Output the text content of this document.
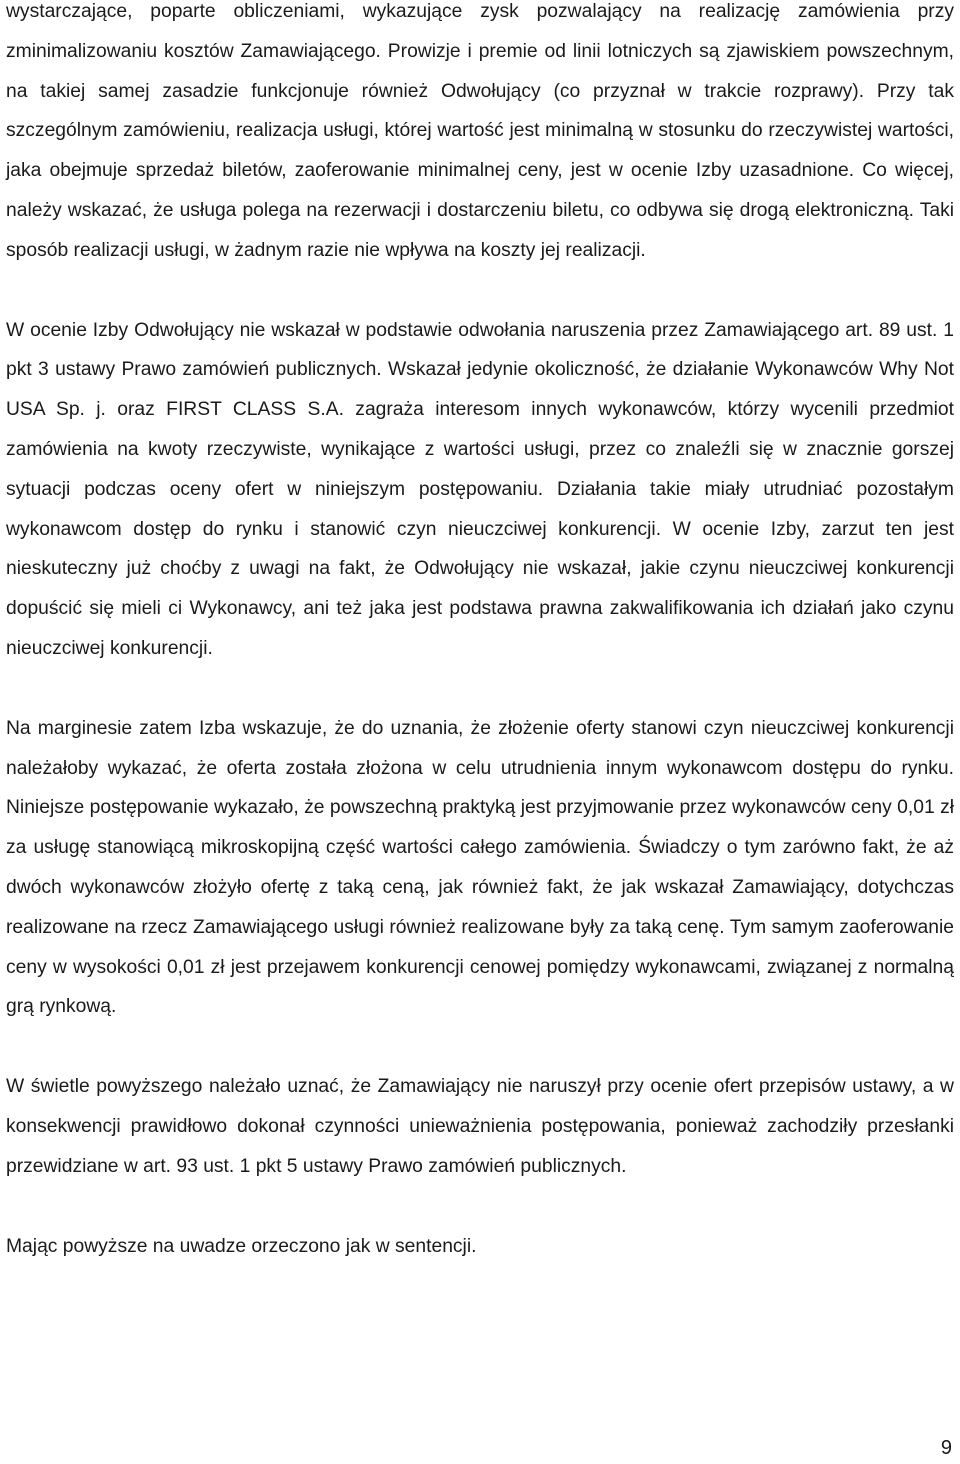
wystarczające, poparte obliczeniami, wykazujące zysk pozwalający na realizację zamówienia przy zminimalizowaniu kosztów Zamawiającego. Prowizje i premie od linii lotniczych są zjawiskiem powszechnym, na takiej samej zasadzie funkcjonuje również Odwołujący (co przyznał w trakcie rozprawy). Przy tak szczególnym zamówieniu, realizacja usługi, której wartość jest minimalną w stosunku do rzeczywistej wartości, jaka obejmuje sprzedaż biletów, zaoferowanie minimalnej ceny, jest w ocenie Izby uzasadnione. Co więcej, należy wskazać, że usługa polega na rezerwacji i dostarczeniu biletu, co odbywa się drogą elektroniczną. Taki sposób realizacji usługi, w żadnym razie nie wpływa na koszty jej realizacji.

W ocenie Izby Odwołujący nie wskazał w podstawie odwołania naruszenia przez Zamawiającego art. 89 ust. 1 pkt 3 ustawy Prawo zamówień publicznych. Wskazał jedynie okoliczność, że działanie Wykonawców Why Not USA Sp. j. oraz FIRST CLASS S.A. zagraża interesom innych wykonawców, którzy wycenili przedmiot zamówienia na kwoty rzeczywiste, wynikające z wartości usługi, przez co znaleźli się w znacznie gorszej sytuacji podczas oceny ofert w niniejszym postępowaniu. Działania takie miały utrudniać pozostałym wykonawcom dostęp do rynku i stanowić czyn nieuczciwej konkurencji. W ocenie Izby, zarzut ten jest nieskuteczny już choćby z uwagi na fakt, że Odwołujący nie wskazał, jakie czynu nieuczciwej konkurencji dopuścić się mieli ci Wykonawcy, ani też jaka jest podstawa prawna zakwalifikowania ich działań jako czynu nieuczciwej konkurencji.

Na marginesie zatem Izba wskazuje, że do uznania, że złożenie oferty stanowi czyn nieuczciwej konkurencji należałoby wykazać, że oferta została złożona w celu utrudnienia innym wykonawcom dostępu do rynku. Niniejsze postępowanie wykazało, że powszechną praktyką jest przyjmowanie przez wykonawców ceny 0,01 zł za usługę stanowiącą mikroskopijną część wartości całego zamówienia. Świadczy o tym zarówno fakt, że aż dwóch wykonawców złożyło ofertę z taką ceną, jak również fakt, że jak wskazał Zamawiający, dotychczas realizowane na rzecz Zamawiającego usługi również realizowane były za taką cenę. Tym samym zaoferowanie ceny w wysokości 0,01 zł jest przejawem konkurencji cenowej pomiędzy wykonawcami, związanej z normalną grą rynkową.

W świetle powyższego należało uznać, że Zamawiający nie naruszył przy ocenie ofert przepisów ustawy, a w konsekwencji prawidłowo dokonał czynności unieważnienia postępowania, ponieważ zachodziły przesłanki przewidziane w art. 93 ust. 1 pkt 5 ustawy Prawo zamówień publicznych.

Mając powyższe na uwadze orzeczono jak w sentencji.

9
